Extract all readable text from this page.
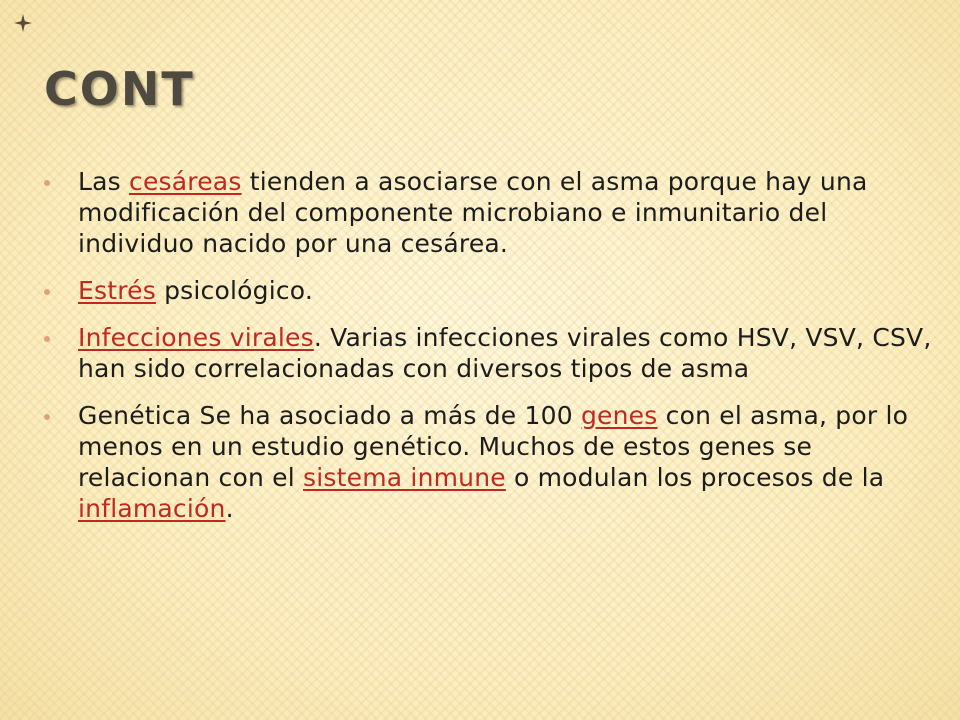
CONT
Las cesáreas tienden a asociarse con el asma porque hay una modificación del componente microbiano e inmunitario del individuo nacido por una cesárea.
Estrés psicológico.
Infecciones virales. Varias infecciones virales como HSV, VSV, CSV, han sido correlacionadas con diversos tipos de asma
Genética Se ha asociado a más de 100 genes con el asma, por lo menos en un estudio genético. Muchos de estos genes se relacionan con el sistema inmune o modulan los procesos de la inflamación.
